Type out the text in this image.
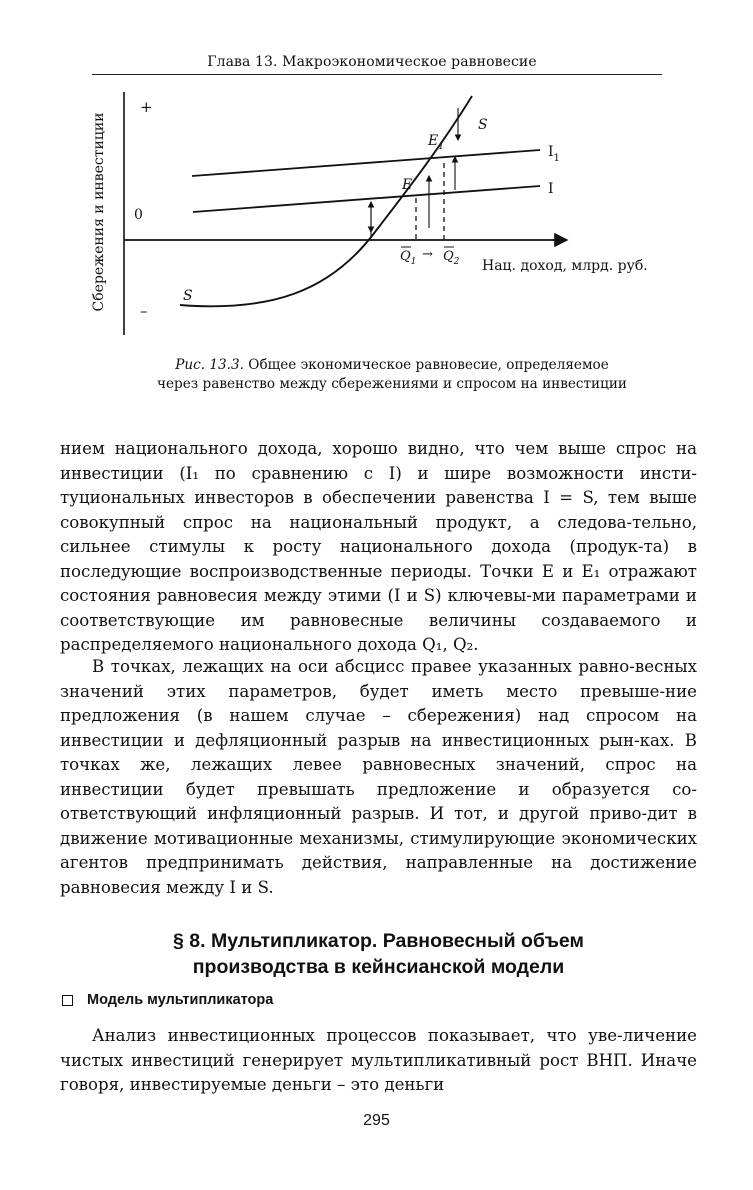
Глава 13. Макроэкономическое равновесие
Сбережения и инвестиции
+
0
–
Нац. доход, млрд. руб.
$I_1$
I
S
S
$E_1$
E
$Q_1 \to Q_2$
Рис. 13.3. Общее экономическое равновесие, определяемое
через равенство между сбережениями и спросом на инвестиции

нием национального дохода, хорошо видно, что чем выше спрос на инвестиции (I₁ по сравнению с I) и шире возможности инсти-туциональных инвесторов в обеспечении равенства I = S, тем выше совокупный спрос на национальный продукт, а следова-тельно, сильнее стимулы к росту национального дохода (продук-та) в последующие воспроизводственные периоды. Точки E и E₁ отражают состояния равновесия между этими (I и S) ключевы-ми параметрами и соответствующие им равновесные величины создаваемого и распределяемого национального дохода Q₁, Q₂.

В точках, лежащих на оси абсцисс правее указанных равно-весных значений этих параметров, будет иметь место превыше-ние предложения (в нашем случае – сбережения) над спросом на инвестиции и дефляционный разрыв на инвестиционных рын-ках. В точках же, лежащих левее равновесных значений, спрос на инвестиции будет превышать предложение и образуется со-ответствующий инфляционный разрыв. И тот, и другой приво-дит в движение мотивационные механизмы, стимулирующие экономических агентов предпринимать действия, направленные на достижение равновесия между I и S.

§ 8. Мультипликатор. Равновесный объем
производства в кейнсианской модели
Модель мультипликатора

Анализ инвестиционных процессов показывает, что уве-личение чистых инвестиций генерирует мультипликативный рост ВНП. Иначе говоря, инвестируемые деньги – это деньги

295
